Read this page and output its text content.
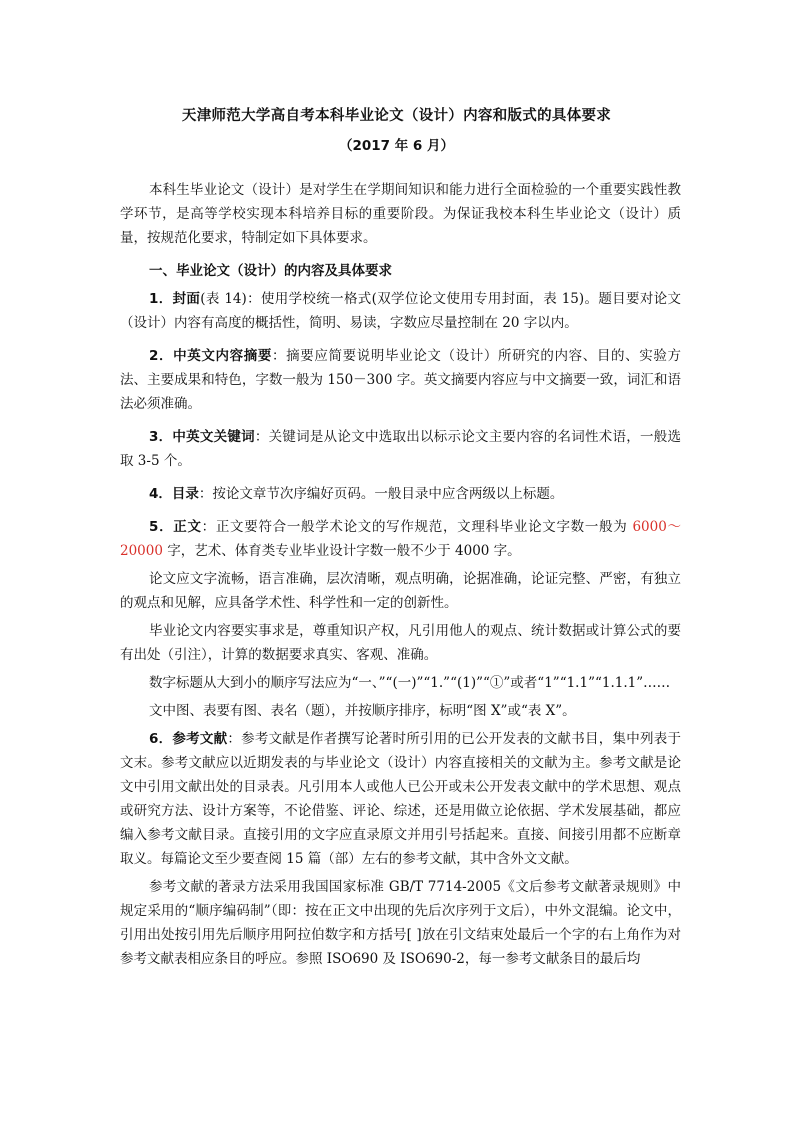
天津师范大学高自考本科毕业论文（设计）内容和版式的具体要求
（2017 年 6 月）

本科生毕业论文（设计）是对学生在学期间知识和能力进行全面检验的一个重要实践性教学环节，是高等学校实现本科培养目标的重要阶段。为保证我校本科生毕业论文（设计）质量，按规范化要求，特制定如下具体要求。

一、毕业论文（设计）的内容及具体要求

1．封面(表 14)：使用学校统一格式(双学位论文使用专用封面，表 15)。题目要对论文（设计）内容有高度的概括性，简明、易读，字数应尽量控制在 20 字以内。

2．中英文内容摘要：摘要应简要说明毕业论文（设计）所研究的内容、目的、实验方法、主要成果和特色，字数一般为 150－300 字。英文摘要内容应与中文摘要一致，词汇和语法必须准确。

3．中英文关键词：关键词是从论文中选取出以标示论文主要内容的名词性术语，一般选取 3-5 个。

4．目录：按论文章节次序编好页码。一般目录中应含两级以上标题。

5．正文：正文要符合一般学术论文的写作规范，文理科毕业论文字数一般为 6000～20000 字，艺术、体育类专业毕业设计字数一般不少于 4000 字。

论文应文字流畅，语言准确，层次清晰，观点明确，论据准确，论证完整、严密，有独立的观点和见解，应具备学术性、科学性和一定的创新性。

毕业论文内容要实事求是，尊重知识产权，凡引用他人的观点、统计数据或计算公式的要有出处（引注），计算的数据要求真实、客观、准确。

数字标题从大到小的顺序写法应为“一、”“(一)”“1.”“(1)”“①”或者“1”“1.1”“1.1.1”……

文中图、表要有图、表名（题），并按顺序排序，标明“图 X”或“表 X”。

6．参考文献：参考文献是作者撰写论著时所引用的已公开发表的文献书目，集中列表于文末。参考文献应以近期发表的与毕业论文（设计）内容直接相关的文献为主。参考文献是论文中引用文献出处的目录表。凡引用本人或他人已公开或未公开发表文献中的学术思想、观点或研究方法、设计方案等，不论借鉴、评论、综述，还是用做立论依据、学术发展基础，都应编入参考文献目录。直接引用的文字应直录原文并用引号括起来。直接、间接引用都不应断章取义。每篇论文至少要查阅 15 篇（部）左右的参考文献，其中含外文文献。

参考文献的著录方法采用我国国家标准 GB/T 7714-2005《文后参考文献著录规则》中规定采用的“顺序编码制”（即：按在正文中出现的先后次序列于文后），中外文混编。论文中，引用出处按引用先后顺序用阿拉伯数字和方括号[ ]放在引文结束处最后一个字的右上角作为对参考文献表相应条目的呼应。参照 ISO690 及 ISO690-2，每一参考文献条目的最后均
